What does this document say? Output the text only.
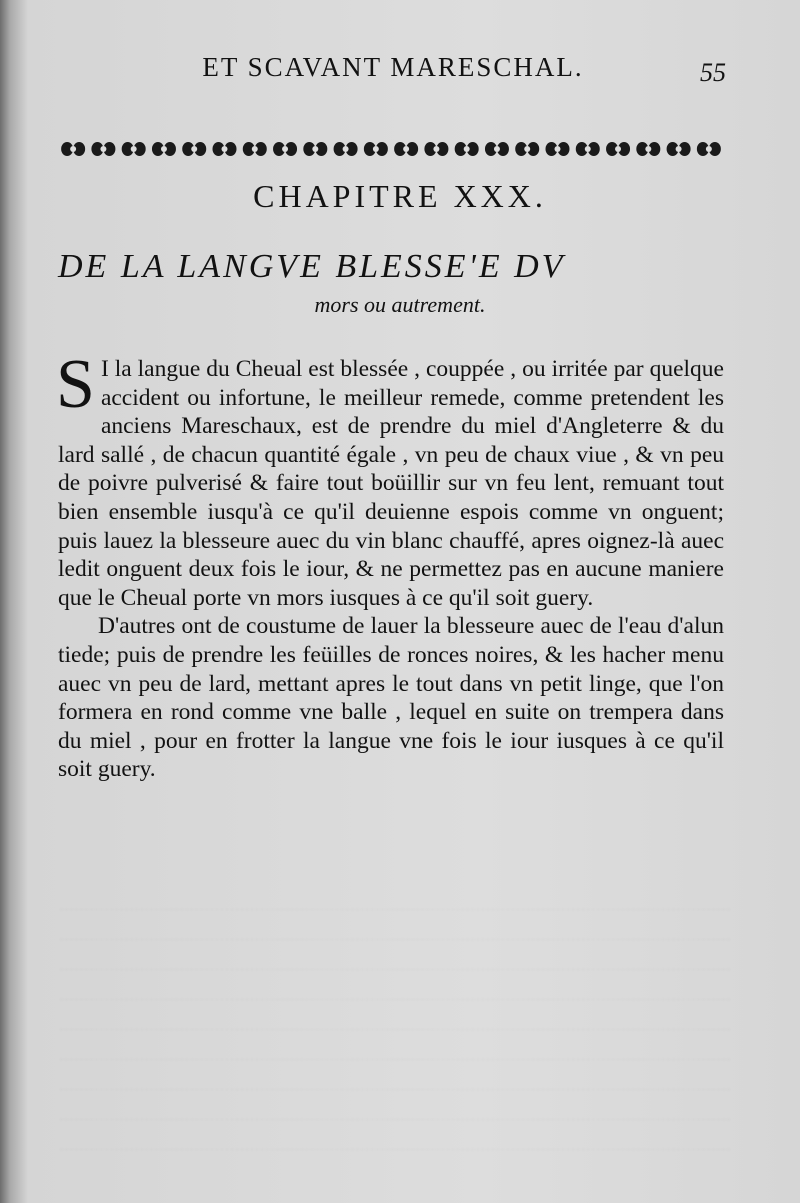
ET SCAVANT MARESCHAL.	55
CHAPITRE XXX.
DE LA LANGVE BLESSE'E DV
mors ou autrement.

S I la langue du Cheual est blessée , couppée , ou irritée par quelque accident ou infortune, le meilleur remede, comme pretendent les anciens Mareschaux, est de prendre du miel d'Angleterre & du lard sallé , de chacun quantité égale , vn peu de chaux viue , & vn peu de poivre pulverisé & faire tout boüillir sur vn feu lent, remuant tout bien ensemble iusqu'à ce qu'il deuienne espois comme vn onguent; puis lauez la blesseure auec du vin blanc chauffé, apres oignez-là auec ledit onguent deux fois le iour, & ne permettez pas en aucune maniere que le Cheual porte vn mors iusques à ce qu'il soit guery.

D'autres ont de coustume de lauer la blesseure auec de l'eau d'alun tiede; puis de prendre les feüilles de ronces noires, & les hacher menu auec vn peu de lard, mettant apres le tout dans vn petit linge, que l'on formera en rond comme vne balle , lequel en suite on trempera dans du miel , pour en frotter la langue vne fois le iour iusques à ce qu'il soit guery.
